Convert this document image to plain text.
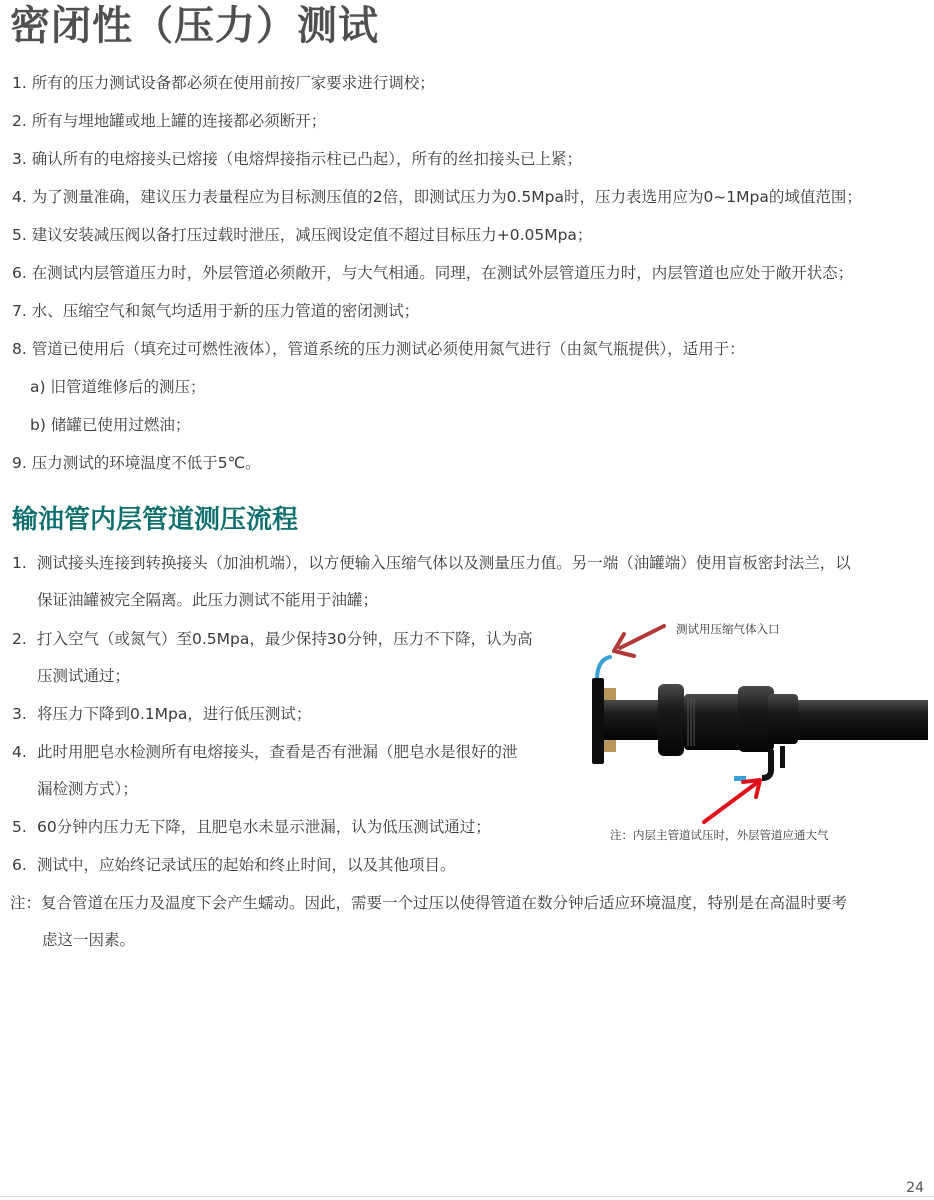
密闭性（压力）测试
1. 所有的压力测试设备都必须在使用前按厂家要求进行调校；
2. 所有与埋地罐或地上罐的连接都必须断开；
3. 确认所有的电熔接头已熔接（电熔焊接指示柱已凸起），所有的丝扣接头已上紧；
4. 为了测量准确，建议压力表量程应为目标测压值的2倍，即测试压力为0.5Mpa时，压力表选用应为0~1Mpa的域值范围；
5. 建议安装减压阀以备打压过载时泄压，减压阀设定值不超过目标压力+0.05Mpa；
6. 在测试内层管道压力时，外层管道必须敞开，与大气相通。同理，在测试外层管道压力时，内层管道也应处于敞开状态；
7. 水、压缩空气和氮气均适用于新的压力管道的密闭测试；
8. 管道已使用后（填充过可燃性液体），管道系统的压力测试必须使用氮气进行（由氮气瓶提供），适用于：
a) 旧管道维修后的测压；
b) 储罐已使用过燃油；
9. 压力测试的环境温度不低于5℃。
输油管内层管道测压流程
1. 测试接头连接到转换接头（加油机端），以方便输入压缩气体以及测量压力值。另一端（油罐端）使用盲板密封法兰，以
保证油罐被完全隔离。此压力测试不能用于油罐；
2. 打入空气（或氮气）至0.5Mpa，最少保持30分钟，压力不下降，认为高
压测试通过；
3. 将压力下降到0.1Mpa，进行低压测试；
4. 此时用肥皂水检测所有电熔接头，查看是否有泄漏（肥皂水是很好的泄
漏检测方式）；
5. 60分钟内压力无下降，且肥皂水未显示泄漏，认为低压测试通过；
6. 测试中，应始终记录试压的起始和终止时间，以及其他项目。
注：复合管道在压力及温度下会产生蠕动。因此，需要一个过压以使得管道在数分钟后适应环境温度，特别是在高温时要考
虑这一因素。
测试用压缩气体入口
注：内层主管道试压时，外层管道应通大气
24
